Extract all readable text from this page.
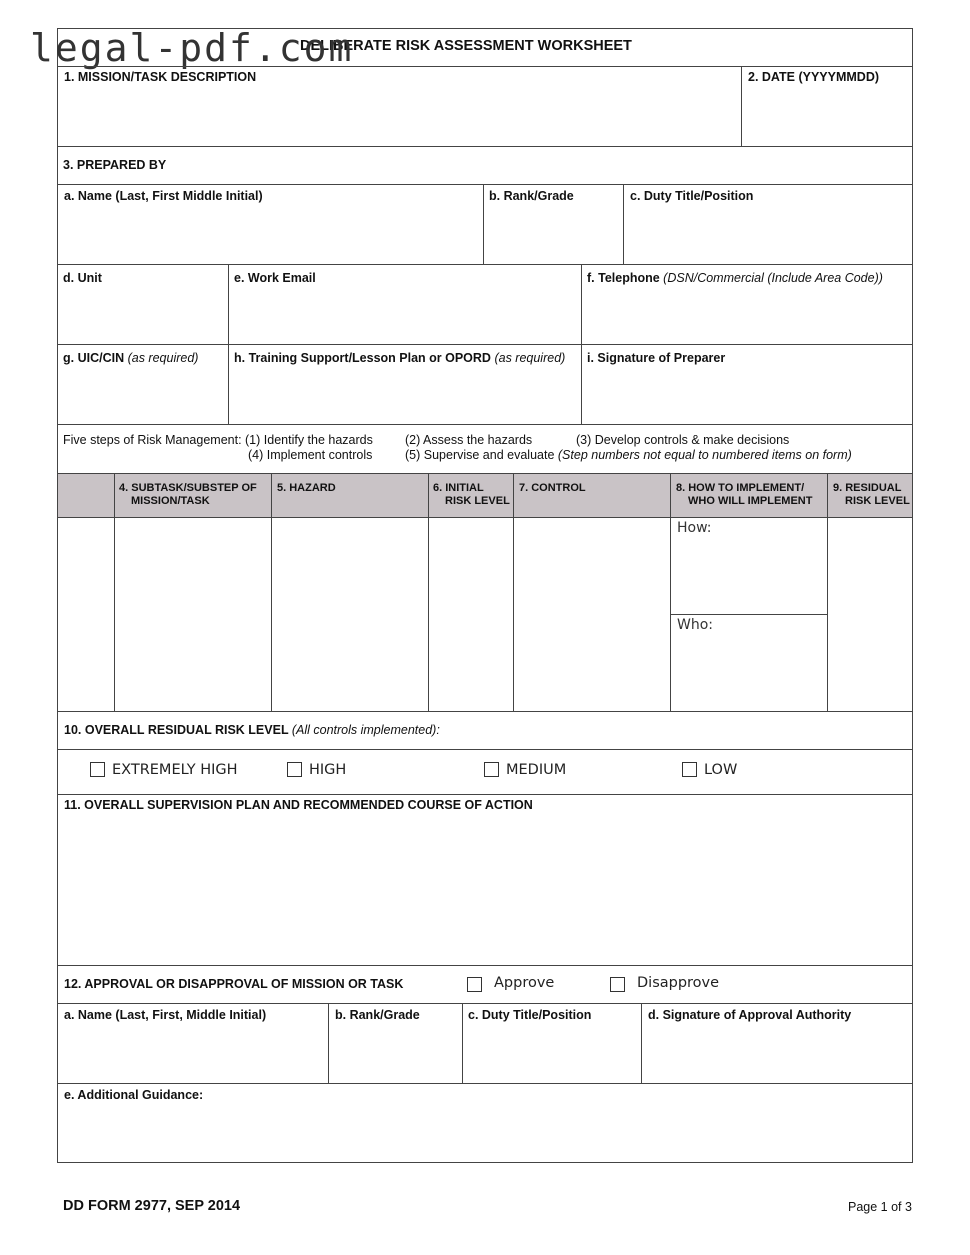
DELIBERATE RISK ASSESSMENT WORKSHEET
legal-pdf.com
1. MISSION/TASK DESCRIPTION	2. DATE (YYYYMMDD)
3. PREPARED BY
a. Name (Last, First Middle Initial)	b. Rank/Grade	c. Duty Title/Position
d. Unit	e. Work Email	f. Telephone (DSN/Commercial (Include Area Code))
g. UIC/CIN (as required)	h. Training Support/Lesson Plan or OPORD (as required) i. Signature of Preparer
Five steps of Risk Management: (1) Identify the hazards	(2) Assess the hazards	(3) Develop controls & make decisions
(4) Implement controls	(5) Supervise and evaluate (Step numbers not equal to numbered items on form)
4. SUBTASK/SUBSTEP OF
MISSION/TASK
5. HAZARD	6. INITIAL
RISK LEVEL
7. CONTROL	8. HOW TO IMPLEMENT/
WHO WILL IMPLEMENT
9. RESIDUAL
RISK LEVEL
How:
Who:
10. OVERALL RESIDUAL RISK LEVEL (All controls implemented):
EXTREMELY HIGH	HIGH	MEDIUM	LOW
11. OVERALL SUPERVISION PLAN AND RECOMMENDED COURSE OF ACTION
12. APPROVAL OR DISAPPROVAL OF MISSION OR TASK	Approve	Disapprove
a. Name (Last, First, Middle Initial)	b. Rank/Grade	c. Duty Title/Position	d. Signature of Approval Authority
e. Additional Guidance:
DD FORM 2977, SEP 2014	Page 1 of 3
